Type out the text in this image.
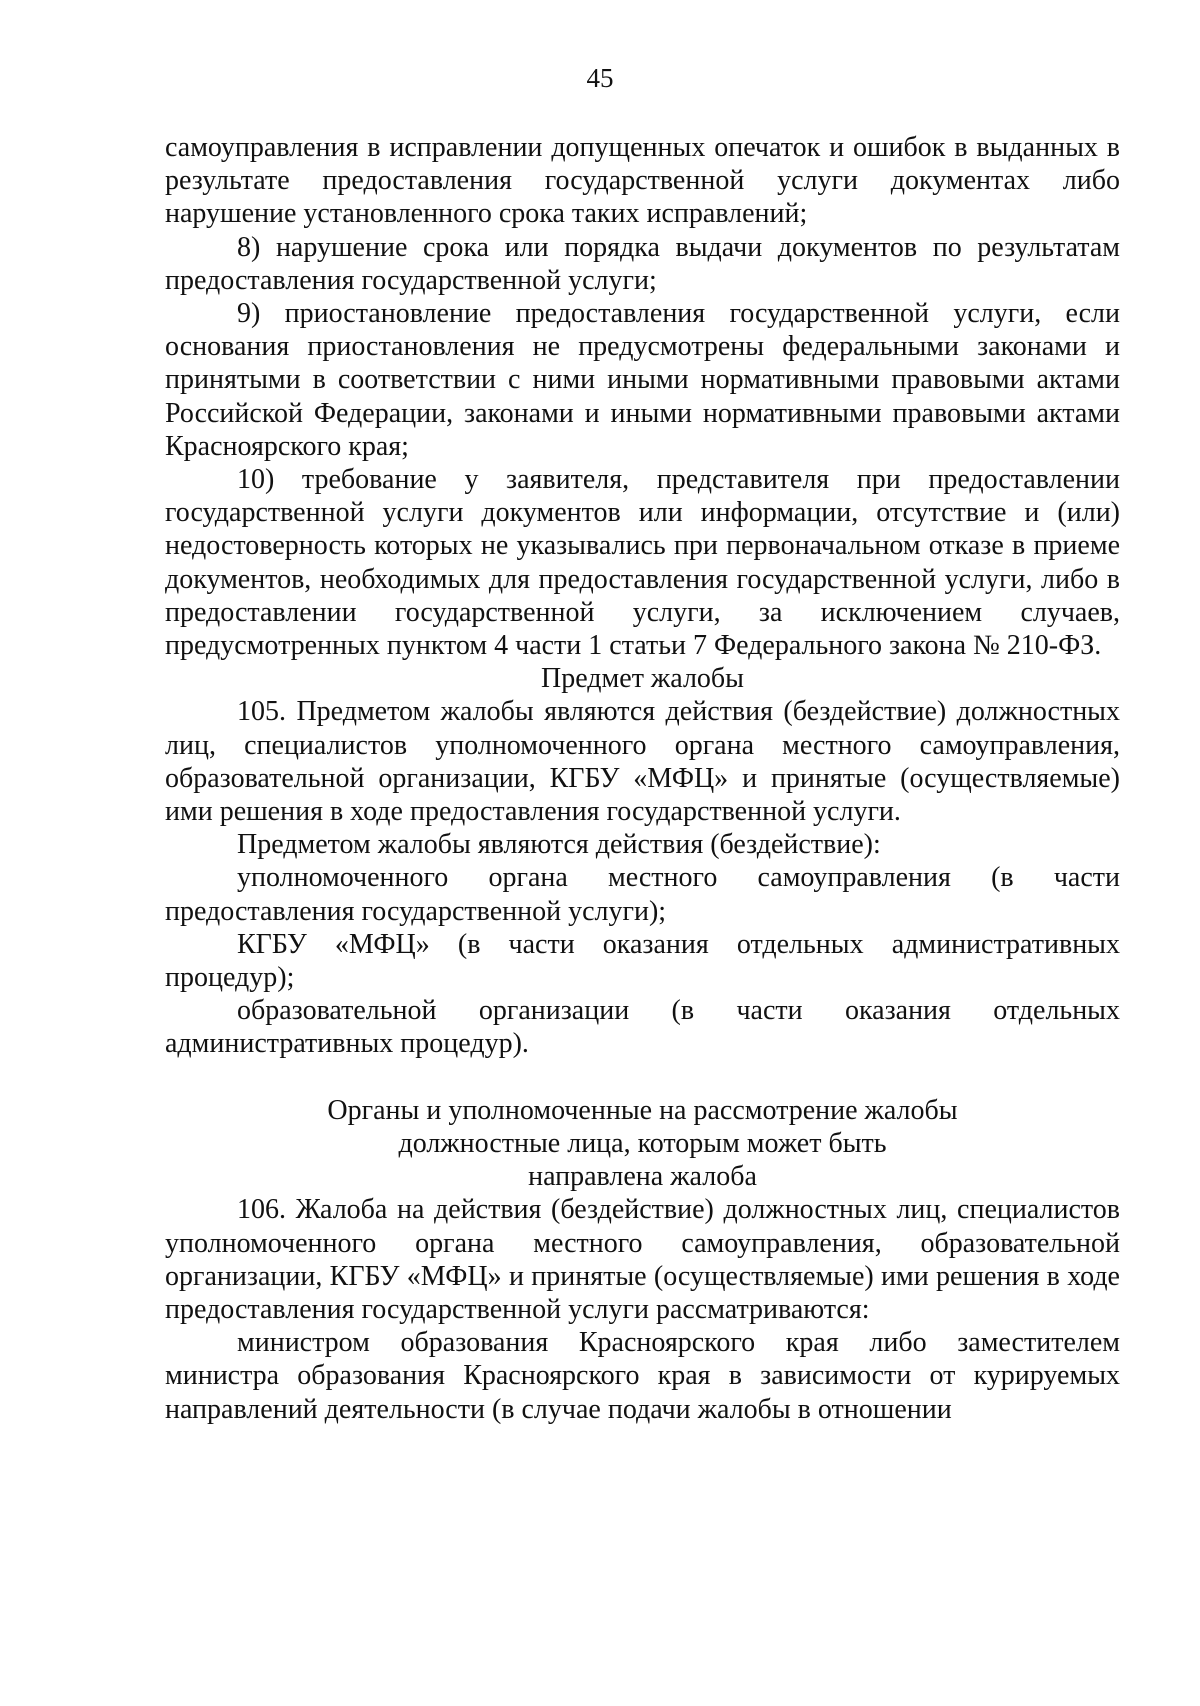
45

самоуправления в исправлении допущенных опечаток и ошибок в выданных в результате предоставления государственной услуги документах либо нарушение установленного срока таких исправлений;

8) нарушение срока или порядка выдачи документов по результатам предоставления государственной услуги;

9) приостановление предоставления государственной услуги, если основания приостановления не предусмотрены федеральными законами и принятыми в соответствии с ними иными нормативными правовыми актами Российской Федерации, законами и иными нормативными правовыми актами Красноярского края;

10) требование у заявителя, представителя при предоставлении государственной услуги документов или информации, отсутствие и (или) недостоверность которых не указывались при первоначальном отказе в приеме документов, необходимых для предоставления государственной услуги, либо в предоставлении государственной услуги, за исключением случаев, предусмотренных пунктом 4 части 1 статьи 7 Федерального закона № 210-ФЗ.

Предмет жалобы

105. Предметом жалобы являются действия (бездействие) должностных лиц, специалистов уполномоченного органа местного самоуправления, образовательной организации, КГБУ «МФЦ» и принятые (осуществляемые) ими решения в ходе предоставления государственной услуги.

Предметом жалобы являются действия (бездействие):

уполномоченного органа местного самоуправления (в части предоставления государственной услуги);

КГБУ «МФЦ» (в части оказания отдельных административных процедур);

образовательной организации (в части оказания отдельных административных процедур).

Органы и уполномоченные на рассмотрение жалобы

должностные лица, которым может быть

направлена жалоба

106. Жалоба на действия (бездействие) должностных лиц, специалистов уполномоченного органа местного самоуправления, образовательной организации, КГБУ «МФЦ» и принятые (осуществляемые) ими решения в ходе предоставления государственной услуги рассматриваются:

министром образования Красноярского края либо заместителем министра образования Красноярского края в зависимости от курируемых направлений деятельности (в случае подачи жалобы в отношении
